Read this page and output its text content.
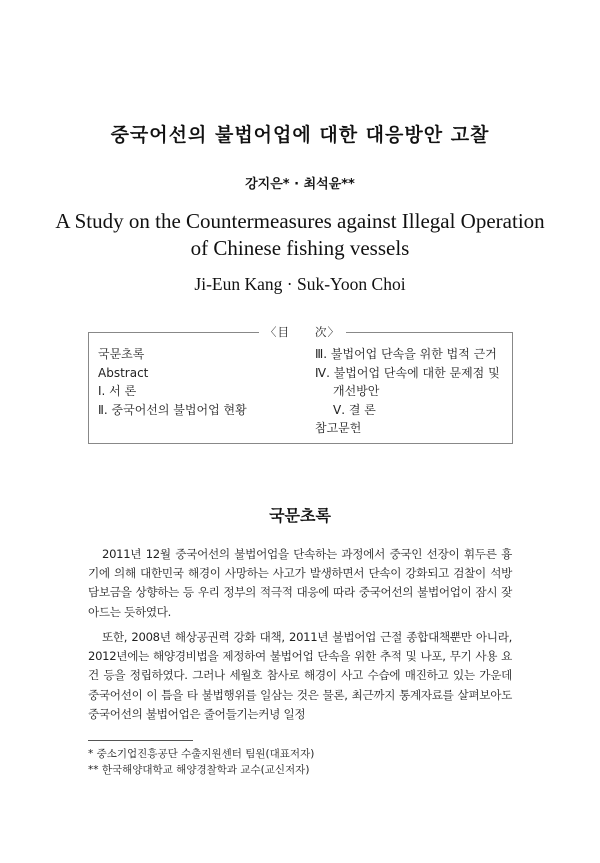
중국어선의 불법어업에 대한 대응방안 고찰
강지은* · 최석윤**
A Study on the Countermeasures against Illegal Operation
of Chinese fishing vessels
Ji-Eun Kang · Suk-Yoon Choi
〈目　　次〉
국문초록
Abstract
Ⅰ. 서 론
Ⅱ. 중국어선의 불법어업 현황
Ⅲ. 불법어업 단속을 위한 법적 근거
Ⅳ. 불법어업 단속에 대한 문제점 및
개선방안
Ⅴ. 결 론
참고문헌
국문초록

2011년 12월 중국어선의 불법어업을 단속하는 과정에서 중국인 선장이 휘두른 흉기에 의해 대한민국 해경이 사망하는 사고가 발생하면서 단속이 강화되고 검찰이 석방 담보금을 상향하는 등 우리 정부의 적극적 대응에 따라 중국어선의 불법어업이 잠시 잦아드는 듯하였다.

또한, 2008년 해상공권력 강화 대책, 2011년 불법어업 근절 종합대책뿐만 아니라, 2012년에는 해양경비법을 제정하여 불법어업 단속을 위한 추적 및 나포, 무기 사용 요건 등을 정립하였다. 그러나 세월호 참사로 해경이 사고 수습에 매진하고 있는 가운데 중국어선이 이 틈을 타 불법행위를 일삼는 것은 물론, 최근까지 통계자료를 살펴보아도 중국어선의 불법어업은 줄어들기는커녕 일정

* 중소기업진흥공단 수출지원센터 팀원(대표저자)
** 한국해양대학교 해양경찰학과 교수(교신저자)
